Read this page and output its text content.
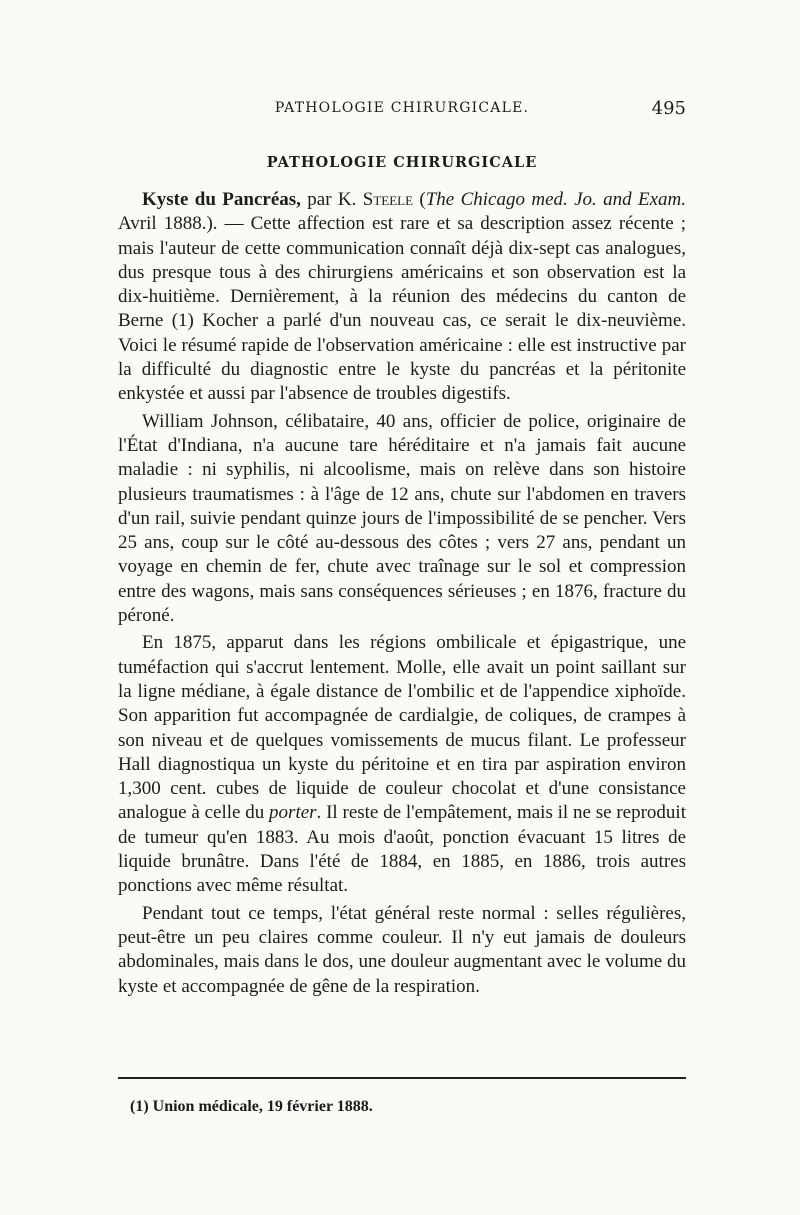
PATHOLOGIE CHIRURGICALE.	495
PATHOLOGIE CHIRURGICALE

Kyste du Pancréas, par K. Steele (The Chicago med. Jo. and Exam. Avril 1888.). — Cette affection est rare et sa description assez récente ; mais l'auteur de cette communication connaît déjà dix-sept cas analogues, dus presque tous à des chirurgiens américains et son observation est la dix-huitième. Dernièrement, à la réunion des médecins du canton de Berne (1) Kocher a parlé d'un nouveau cas, ce serait le dix-neuvième. Voici le résumé rapide de l'observation américaine : elle est instructive par la difficulté du diagnostic entre le kyste du pancréas et la péritonite enkystée et aussi par l'absence de troubles digestifs.

William Johnson, célibataire, 40 ans, officier de police, originaire de l'État d'Indiana, n'a aucune tare héréditaire et n'a jamais fait aucune maladie : ni syphilis, ni alcoolisme, mais on relève dans son histoire plusieurs traumatismes : à l'âge de 12 ans, chute sur l'abdomen en travers d'un rail, suivie pendant quinze jours de l'impossibilité de se pencher. Vers 25 ans, coup sur le côté au-dessous des côtes ; vers 27 ans, pendant un voyage en chemin de fer, chute avec traînage sur le sol et compression entre des wagons, mais sans conséquences sérieuses ; en 1876, fracture du péroné.

En 1875, apparut dans les régions ombilicale et épigastrique, une tuméfaction qui s'accrut lentement. Molle, elle avait un point saillant sur la ligne médiane, à égale distance de l'ombilic et de l'appendice xiphoïde. Son apparition fut accompagnée de cardialgie, de coliques, de crampes à son niveau et de quelques vomissements de mucus filant. Le professeur Hall diagnostiqua un kyste du péritoine et en tira par aspiration environ 1,300 cent. cubes de liquide de couleur chocolat et d'une consistance analogue à celle du porter. Il reste de l'empâtement, mais il ne se reproduit de tumeur qu'en 1883. Au mois d'août, ponction évacuant 15 litres de liquide brunâtre. Dans l'été de 1884, en 1885, en 1886, trois autres ponctions avec même résultat.

Pendant tout ce temps, l'état général reste normal : selles régulières, peut-être un peu claires comme couleur. Il n'y eut jamais de douleurs abdominales, mais dans le dos, une douleur augmentant avec le volume du kyste et accompagnée de gêne de la respiration.

(1) Union médicale, 19 février 1888.
